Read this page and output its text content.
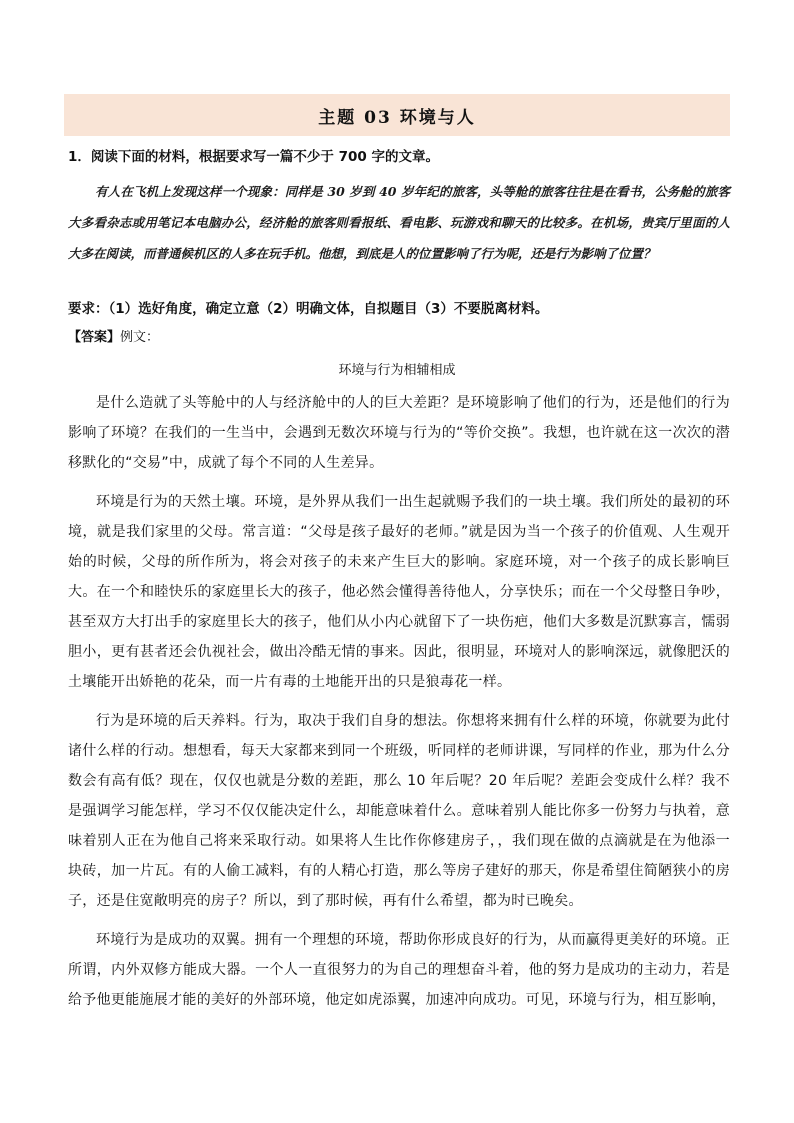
主题 03 环境与人
1．阅读下面的材料，根据要求写一篇不少于 700 字的文章。
有人在飞机上发现这样一个现象：同样是 30 岁到 40 岁年纪的旅客，头等舱的旅客往往是在看书，公务舱的旅客大多看杂志或用笔记本电脑办公，经济舱的旅客则看报纸、看电影、玩游戏和聊天的比较多。在机场，贵宾厅里面的人大多在阅读，而普通候机区的人多在玩手机。他想，到底是人的位置影响了行为呢，还是行为影响了位置？
要求：（1）选好角度，确定立意（2）明确文体，自拟题目（3）不要脱离材料。
【答案】例文：
环境与行为相辅相成

是什么造就了头等舱中的人与经济舱中的人的巨大差距？是环境影响了他们的行为，还是他们的行为影响了环境？在我们的一生当中，会遇到无数次环境与行为的“等价交换”。我想，也许就在这一次次的潜移默化的“交易”中，成就了每个不同的人生差异。

环境是行为的天然土壤。环境，是外界从我们一出生起就赐予我们的一块土壤。我们所处的最初的环境，就是我们家里的父母。常言道：“父母是孩子最好的老师。”就是因为当一个孩子的价值观、人生观开始的时候，父母的所作所为，将会对孩子的未来产生巨大的影响。家庭环境，对一个孩子的成长影响巨大。在一个和睦快乐的家庭里长大的孩子，他必然会懂得善待他人，分享快乐；而在一个父母整日争吵，甚至双方大打出手的家庭里长大的孩子，他们从小内心就留下了一块伤疤，他们大多数是沉默寡言，懦弱胆小，更有甚者还会仇视社会，做出冷酷无情的事来。因此，很明显，环境对人的影响深远，就像肥沃的土壤能开出娇艳的花朵，而一片有毒的土地能开出的只是狼毒花一样。

行为是环境的后天养料。行为，取决于我们自身的想法。你想将来拥有什么样的环境，你就要为此付诸什么样的行动。想想看，每天大家都来到同一个班级，听同样的老师讲课，写同样的作业，那为什么分数会有高有低？现在，仅仅也就是分数的差距，那么 10 年后呢？20 年后呢？差距会变成什么样？我不是强调学习能怎样，学习不仅仅能决定什么，却能意味着什么。意味着别人能比你多一份努力与执着，意味着别人正在为他自己将来采取行动。如果将人生比作你修建房子，，我们现在做的点滴就是在为他添一块砖，加一片瓦。有的人偷工减料，有的人精心打造，那么等房子建好的那天，你是希望住简陋狭小的房子，还是住宽敞明亮的房子？所以，到了那时候，再有什么希望，都为时已晚矣。

环境行为是成功的双翼。拥有一个理想的环境，帮助你形成良好的行为，从而赢得更美好的环境。正所谓，内外双修方能成大器。一个人一直很努力的为自己的理想奋斗着，他的努力是成功的主动力，若是给予他更能施展才能的美好的外部环境，他定如虎添翼，加速冲向成功。可见，环境与行为，相互影响，
